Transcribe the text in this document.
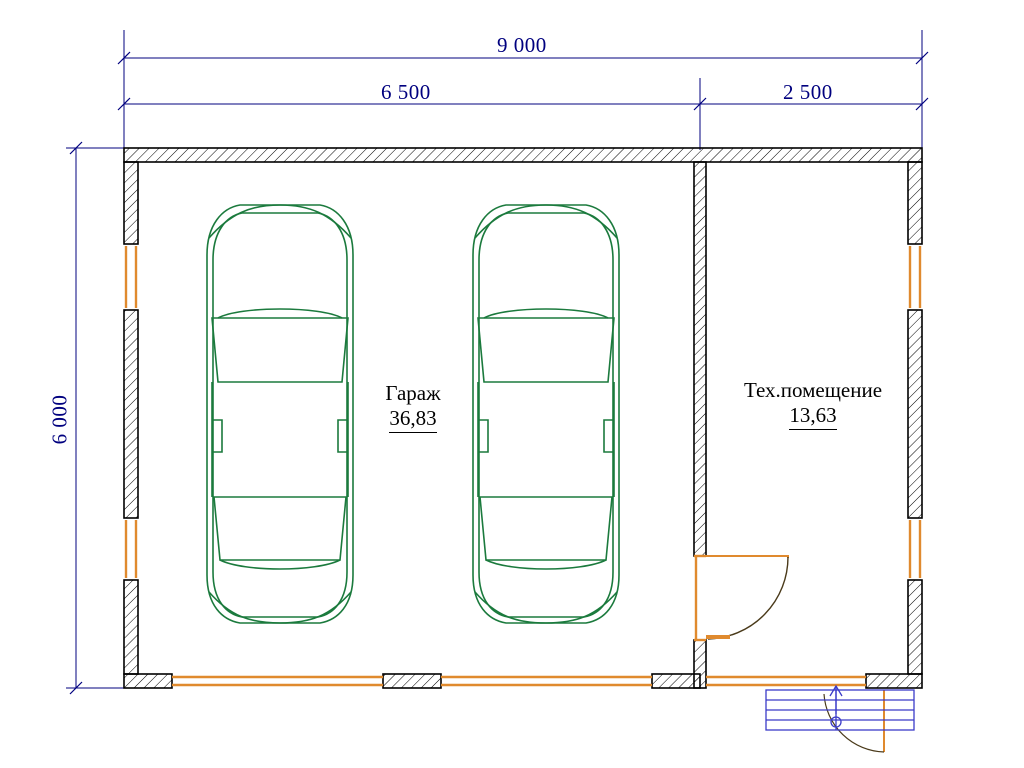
9 000
6 500	2 500
6 000
Гараж
36,83
Тех.помещение
13,63
